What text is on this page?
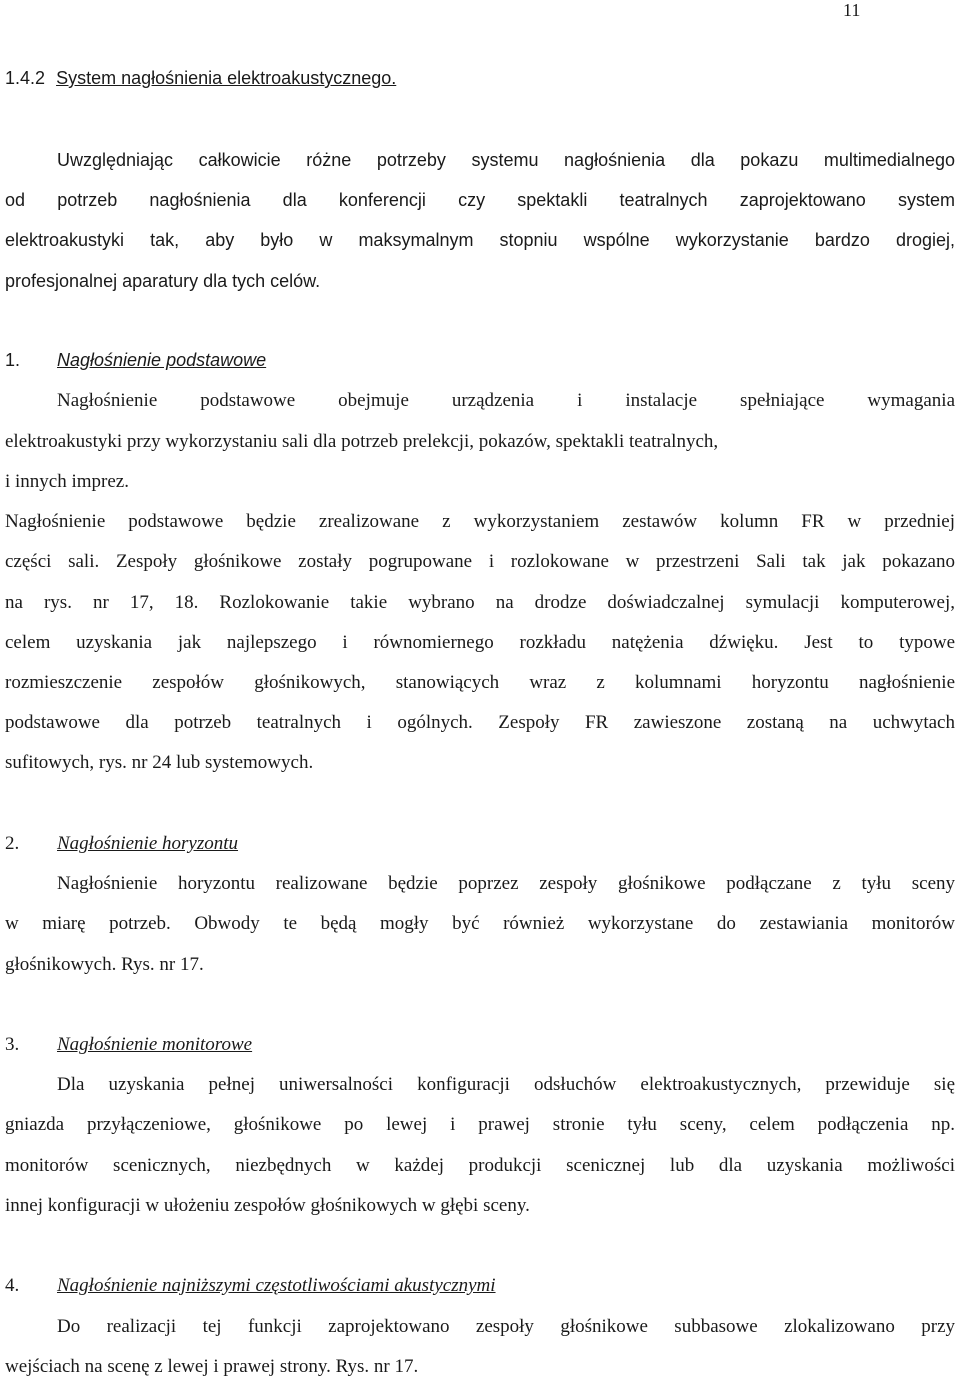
11
1.4.2 System nagłośnienia elektroakustycznego.
Uwzględniając całkowicie różne potrzeby systemu nagłośnienia dla pokazu multimedialnego
od potrzeb nagłośnienia dla konferencji czy spektakli teatralnych zaprojektowano system
elektroakustyki tak, aby było w maksymalnym stopniu wspólne wykorzystanie bardzo drogiej,
profesjonalnej aparatury dla tych celów.
1. Nagłośnienie podstawowe
Nagłośnienie podstawowe obejmuje urządzenia i instalacje spełniające wymagania
elektroakustyki przy wykorzystaniu sali dla potrzeb prelekcji, pokazów, spektakli teatralnych,
i innych imprez.
Nagłośnienie podstawowe będzie zrealizowane z wykorzystaniem zestawów kolumn FR w przedniej
części sali. Zespoły głośnikowe zostały pogrupowane i rozlokowane w przestrzeni Sali tak jak pokazano
na rys. nr 17, 18. Rozlokowanie takie wybrano na drodze doświadczalnej symulacji komputerowej,
celem uzyskania jak najlepszego i równomiernego rozkładu natężenia dźwięku. Jest to typowe
rozmieszczenie zespołów głośnikowych, stanowiących wraz z kolumnami horyzontu nagłośnienie
podstawowe dla potrzeb teatralnych i ogólnych. Zespoły FR zawieszone zostaną na uchwytach
sufitowych, rys. nr 24 lub systemowych.
2. Nagłośnienie horyzontu
Nagłośnienie horyzontu realizowane będzie poprzez zespoły głośnikowe podłączane z tyłu sceny
w miarę potrzeb. Obwody te będą mogły być również wykorzystane do zestawiania monitorów
głośnikowych. Rys. nr 17.
3. Nagłośnienie monitorowe
Dla uzyskania pełnej uniwersalności konfiguracji odsłuchów elektroakustycznych, przewiduje się
gniazda przyłączeniowe, głośnikowe po lewej i prawej stronie tyłu sceny, celem podłączenia np.
monitorów scenicznych, niezbędnych w każdej produkcji scenicznej lub dla uzyskania możliwości
innej konfiguracji w ułożeniu zespołów głośnikowych w głębi sceny.
4. Nagłośnienie najniższymi częstotliwościami akustycznymi
Do realizacji tej funkcji zaprojektowano zespoły głośnikowe subbasowe zlokalizowano przy
wejściach na scenę z lewej i prawej strony. Rys. nr 17.
